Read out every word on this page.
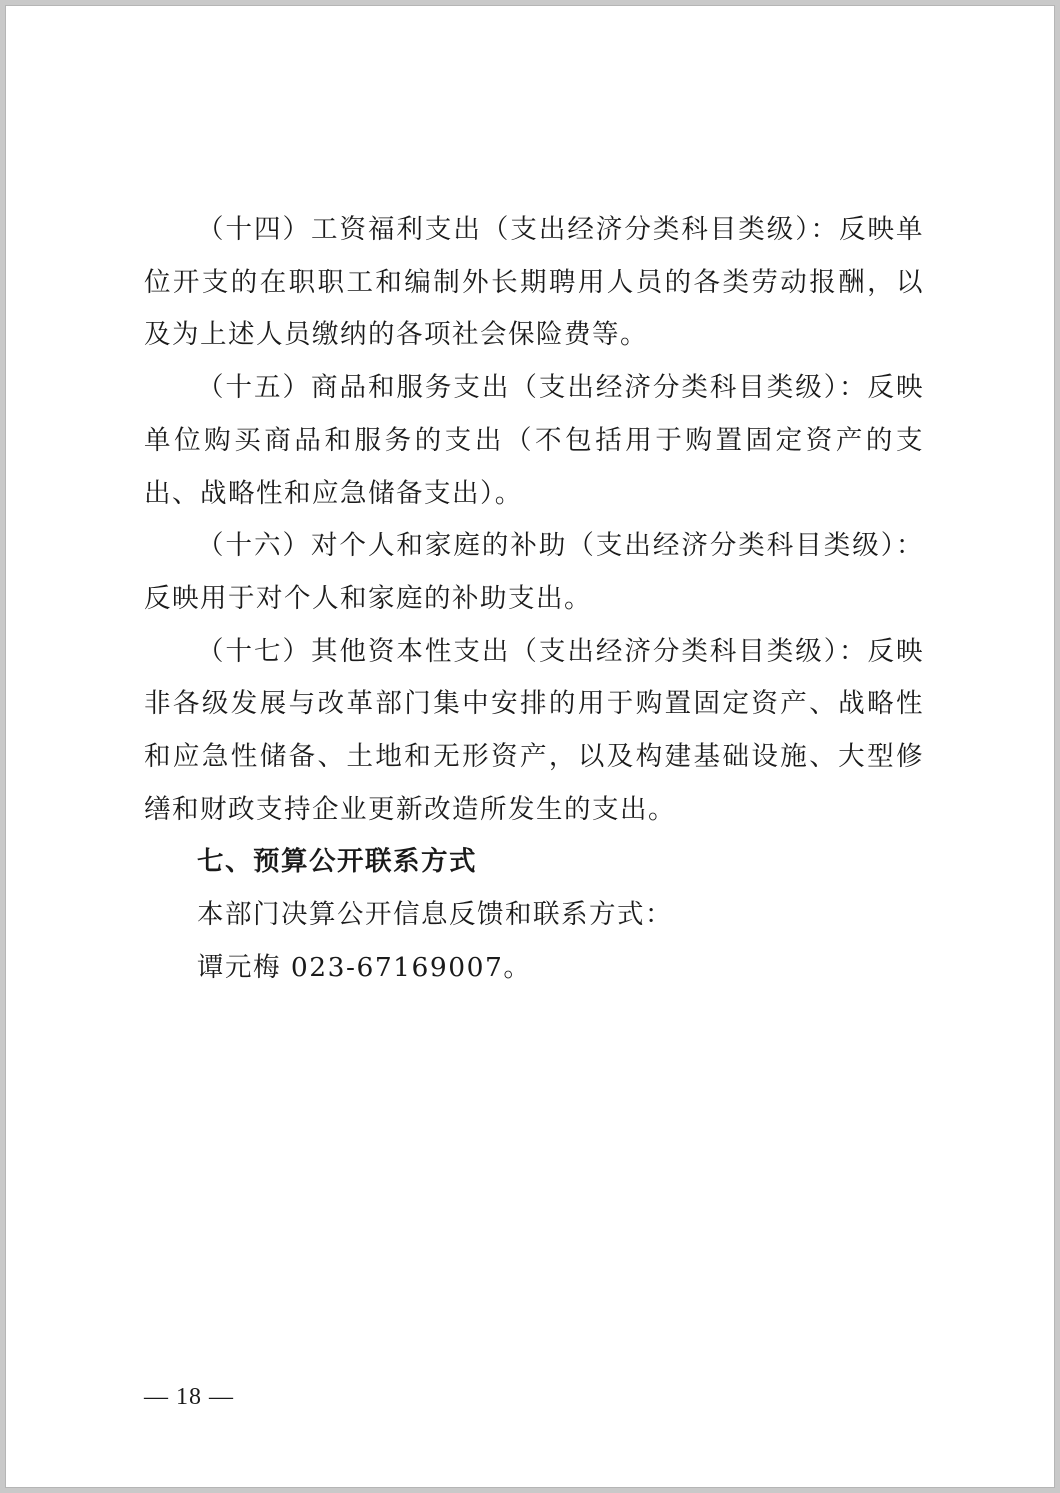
（十四）工资福利支出（支出经济分类科目类级）：反映单位开支的在职职工和编制外长期聘用人员的各类劳动报酬，以及为上述人员缴纳的各项社会保险费等。

（十五）商品和服务支出（支出经济分类科目类级）：反映单位购买商品和服务的支出（不包括用于购置固定资产的支出、战略性和应急储备支出）。

（十六）对个人和家庭的补助（支出经济分类科目类级）：反映用于对个人和家庭的补助支出。

（十七）其他资本性支出（支出经济分类科目类级）：反映非各级发展与改革部门集中安排的用于购置固定资产、战略性和应急性储备、土地和无形资产，以及构建基础设施、大型修缮和财政支持企业更新改造所发生的支出。

七、预算公开联系方式

本部门决算公开信息反馈和联系方式：

谭元梅 023-67169007。

— 18 —
